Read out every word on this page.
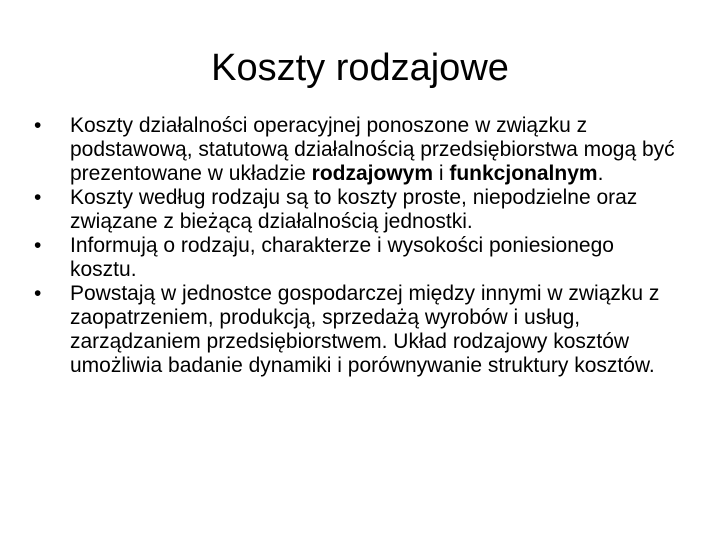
Koszty rodzajowe
•	Koszty działalności operacyjnej ponoszone w związku z podstawową, statutową działalnością przedsiębiorstwa mogą być prezentowane w układzie rodzajowym i funkcjonalnym.
•	Koszty według rodzaju są to koszty proste, niepodzielne oraz związane z bieżącą działalnością jednostki.
•	Informują o rodzaju, charakterze i wysokości poniesionego kosztu.
•	Powstają w jednostce gospodarczej między innymi w związku z zaopatrzeniem, produkcją, sprzedażą wyrobów i usług, zarządzaniem przedsiębiorstwem. Układ rodzajowy kosztów umożliwia badanie dynamiki i porównywanie struktury kosztów.
